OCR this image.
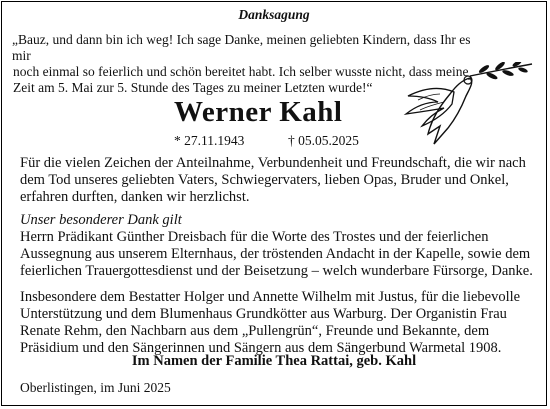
Danksagung

„Bauz, und dann bin ich weg! Ich sage Danke, meinen geliebten Kindern, dass Ihr es mir

noch einmal so feierlich und schön bereitet habt. Ich selber wusste nicht, dass meine

Zeit am 5. Mai zur 5. Stunde des Tages zu meiner Letzten wurde!“

Werner Kahl
* 27.11.1943	† 05.05.2025

Für die vielen Zeichen der Anteilnahme, Verbundenheit und Freundschaft, die wir nach

dem Tod unseres geliebten Vaters, Schwiegervaters, lieben Opas, Bruder und Onkel,

erfahren durften, danken wir herzlichst.

Unser besonderer Dank gilt

Herrn Prädikant Günther Dreisbach für die Worte des Trostes und der feierlichen

Aussegnung aus unserem Elternhaus, der tröstenden Andacht in der Kapelle, sowie dem

feierlichen Trauergottesdienst und der Beisetzung – welch wunderbare Fürsorge, Danke.

Insbesondere dem Bestatter Holger und Annette Wilhelm mit Justus, für die liebevolle

Unterstützung und dem Blumenhaus Grundkötter aus Warburg. Der Organistin Frau

Renate Rehm, den Nachbarn aus dem „Pullengrün“, Freunde und Bekannte, dem

Präsidium und den Sängerinnen und Sängern aus dem Sängerbund Warmetal 1908.

Im Namen der Familie Thea Rattai, geb. Kahl
Oberlistingen, im Juni 2025
